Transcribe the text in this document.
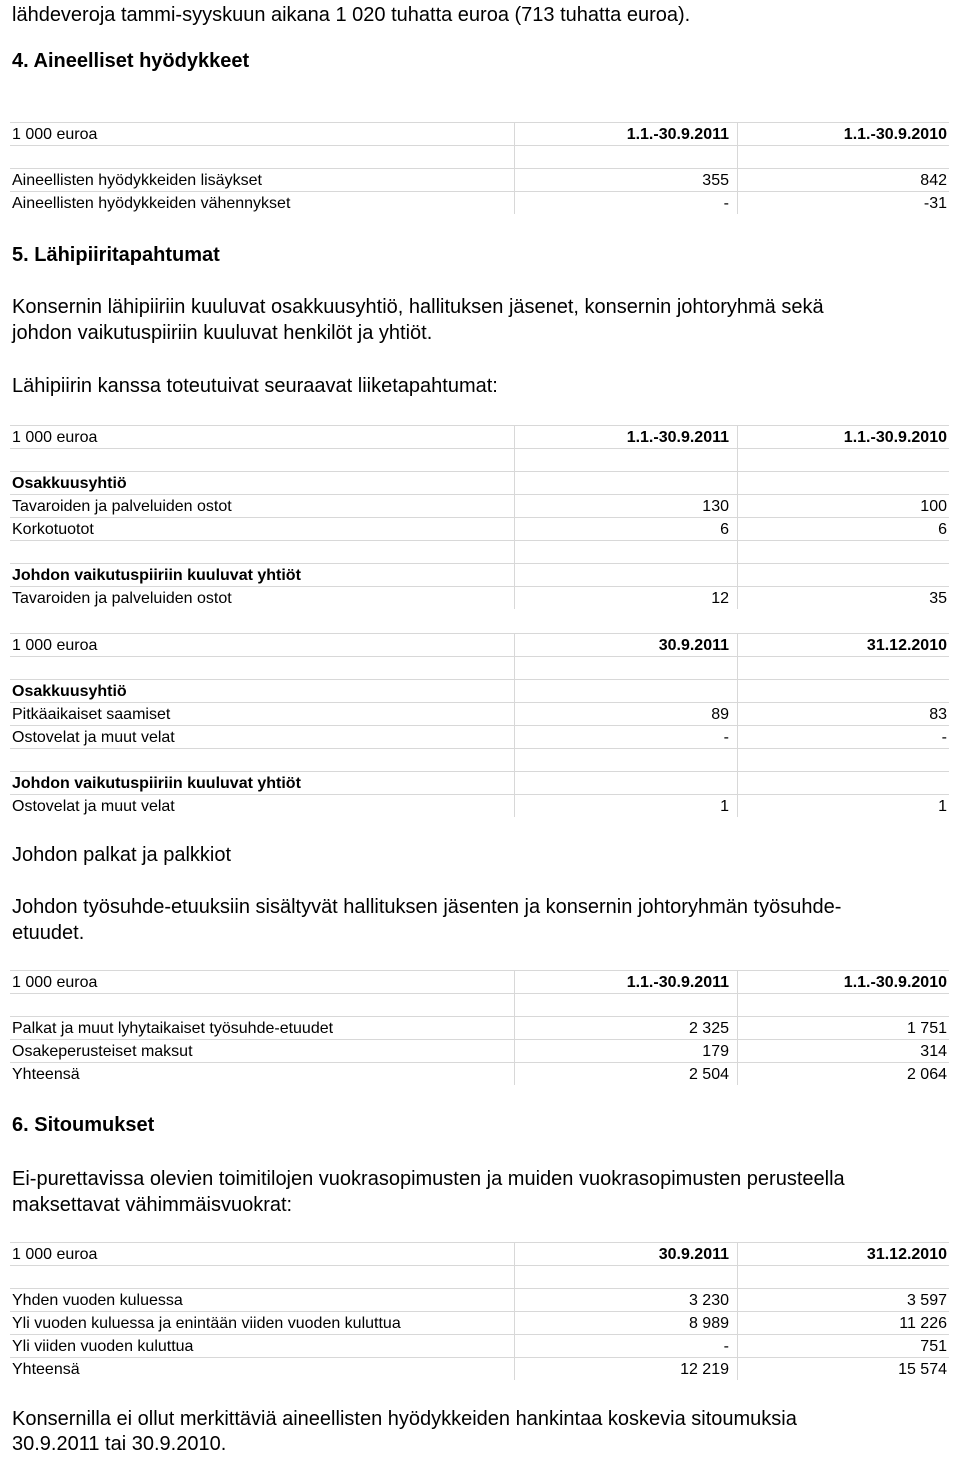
lähdeveroja tammi-syyskuun aikana 1 020 tuhatta euroa (713 tuhatta euroa).
4. Aineelliset hyödykkeet
1 000 euroa	1.1.-30.9.2011	1.1.-30.9.2010
Aineellisten hyödykkeiden lisäykset	355	842
Aineellisten hyödykkeiden vähennykset	-	-31
5. Lähipiiritapahtumat
Konsernin lähipiiriin kuuluvat osakkuusyhtiö, hallituksen jäsenet, konsernin johtoryhmä sekä
johdon vaikutuspiiriin kuuluvat henkilöt ja yhtiöt.
Lähipiirin kanssa toteutuivat seuraavat liiketapahtumat:
1 000 euroa	1.1.-30.9.2011	1.1.-30.9.2010
Osakkuusyhtiö
Tavaroiden ja palveluiden ostot	130	100
Korkotuotot	6	6
Johdon vaikutuspiiriin kuuluvat yhtiöt
Tavaroiden ja palveluiden ostot	12	35
1 000 euroa	30.9.2011	31.12.2010
Osakkuusyhtiö
Pitkäaikaiset saamiset	89	83
Ostovelat ja muut velat	-	-
Johdon vaikutuspiiriin kuuluvat yhtiöt
Ostovelat ja muut velat	1	1
Johdon palkat ja palkkiot
Johdon työsuhde-etuuksiin sisältyvät hallituksen jäsenten ja konsernin johtoryhmän työsuhde-
etuudet.
1 000 euroa	1.1.-30.9.2011	1.1.-30.9.2010
Palkat ja muut lyhytaikaiset työsuhde-etuudet	2 325	1 751
Osakeperusteiset maksut	179	314
Yhteensä	2 504	2 064
6. Sitoumukset
Ei-purettavissa olevien toimitilojen vuokrasopimusten ja muiden vuokrasopimusten perusteella
maksettavat vähimmäisvuokrat:
1 000 euroa	30.9.2011	31.12.2010
Yhden vuoden kuluessa	3 230	3 597
Yli vuoden kuluessa ja enintään viiden vuoden kuluttua	8 989	11 226
Yli viiden vuoden kuluttua	-	751
Yhteensä	12 219	15 574
Konsernilla ei ollut merkittäviä aineellisten hyödykkeiden hankintaa koskevia sitoumuksia
30.9.2011 tai 30.9.2010.
